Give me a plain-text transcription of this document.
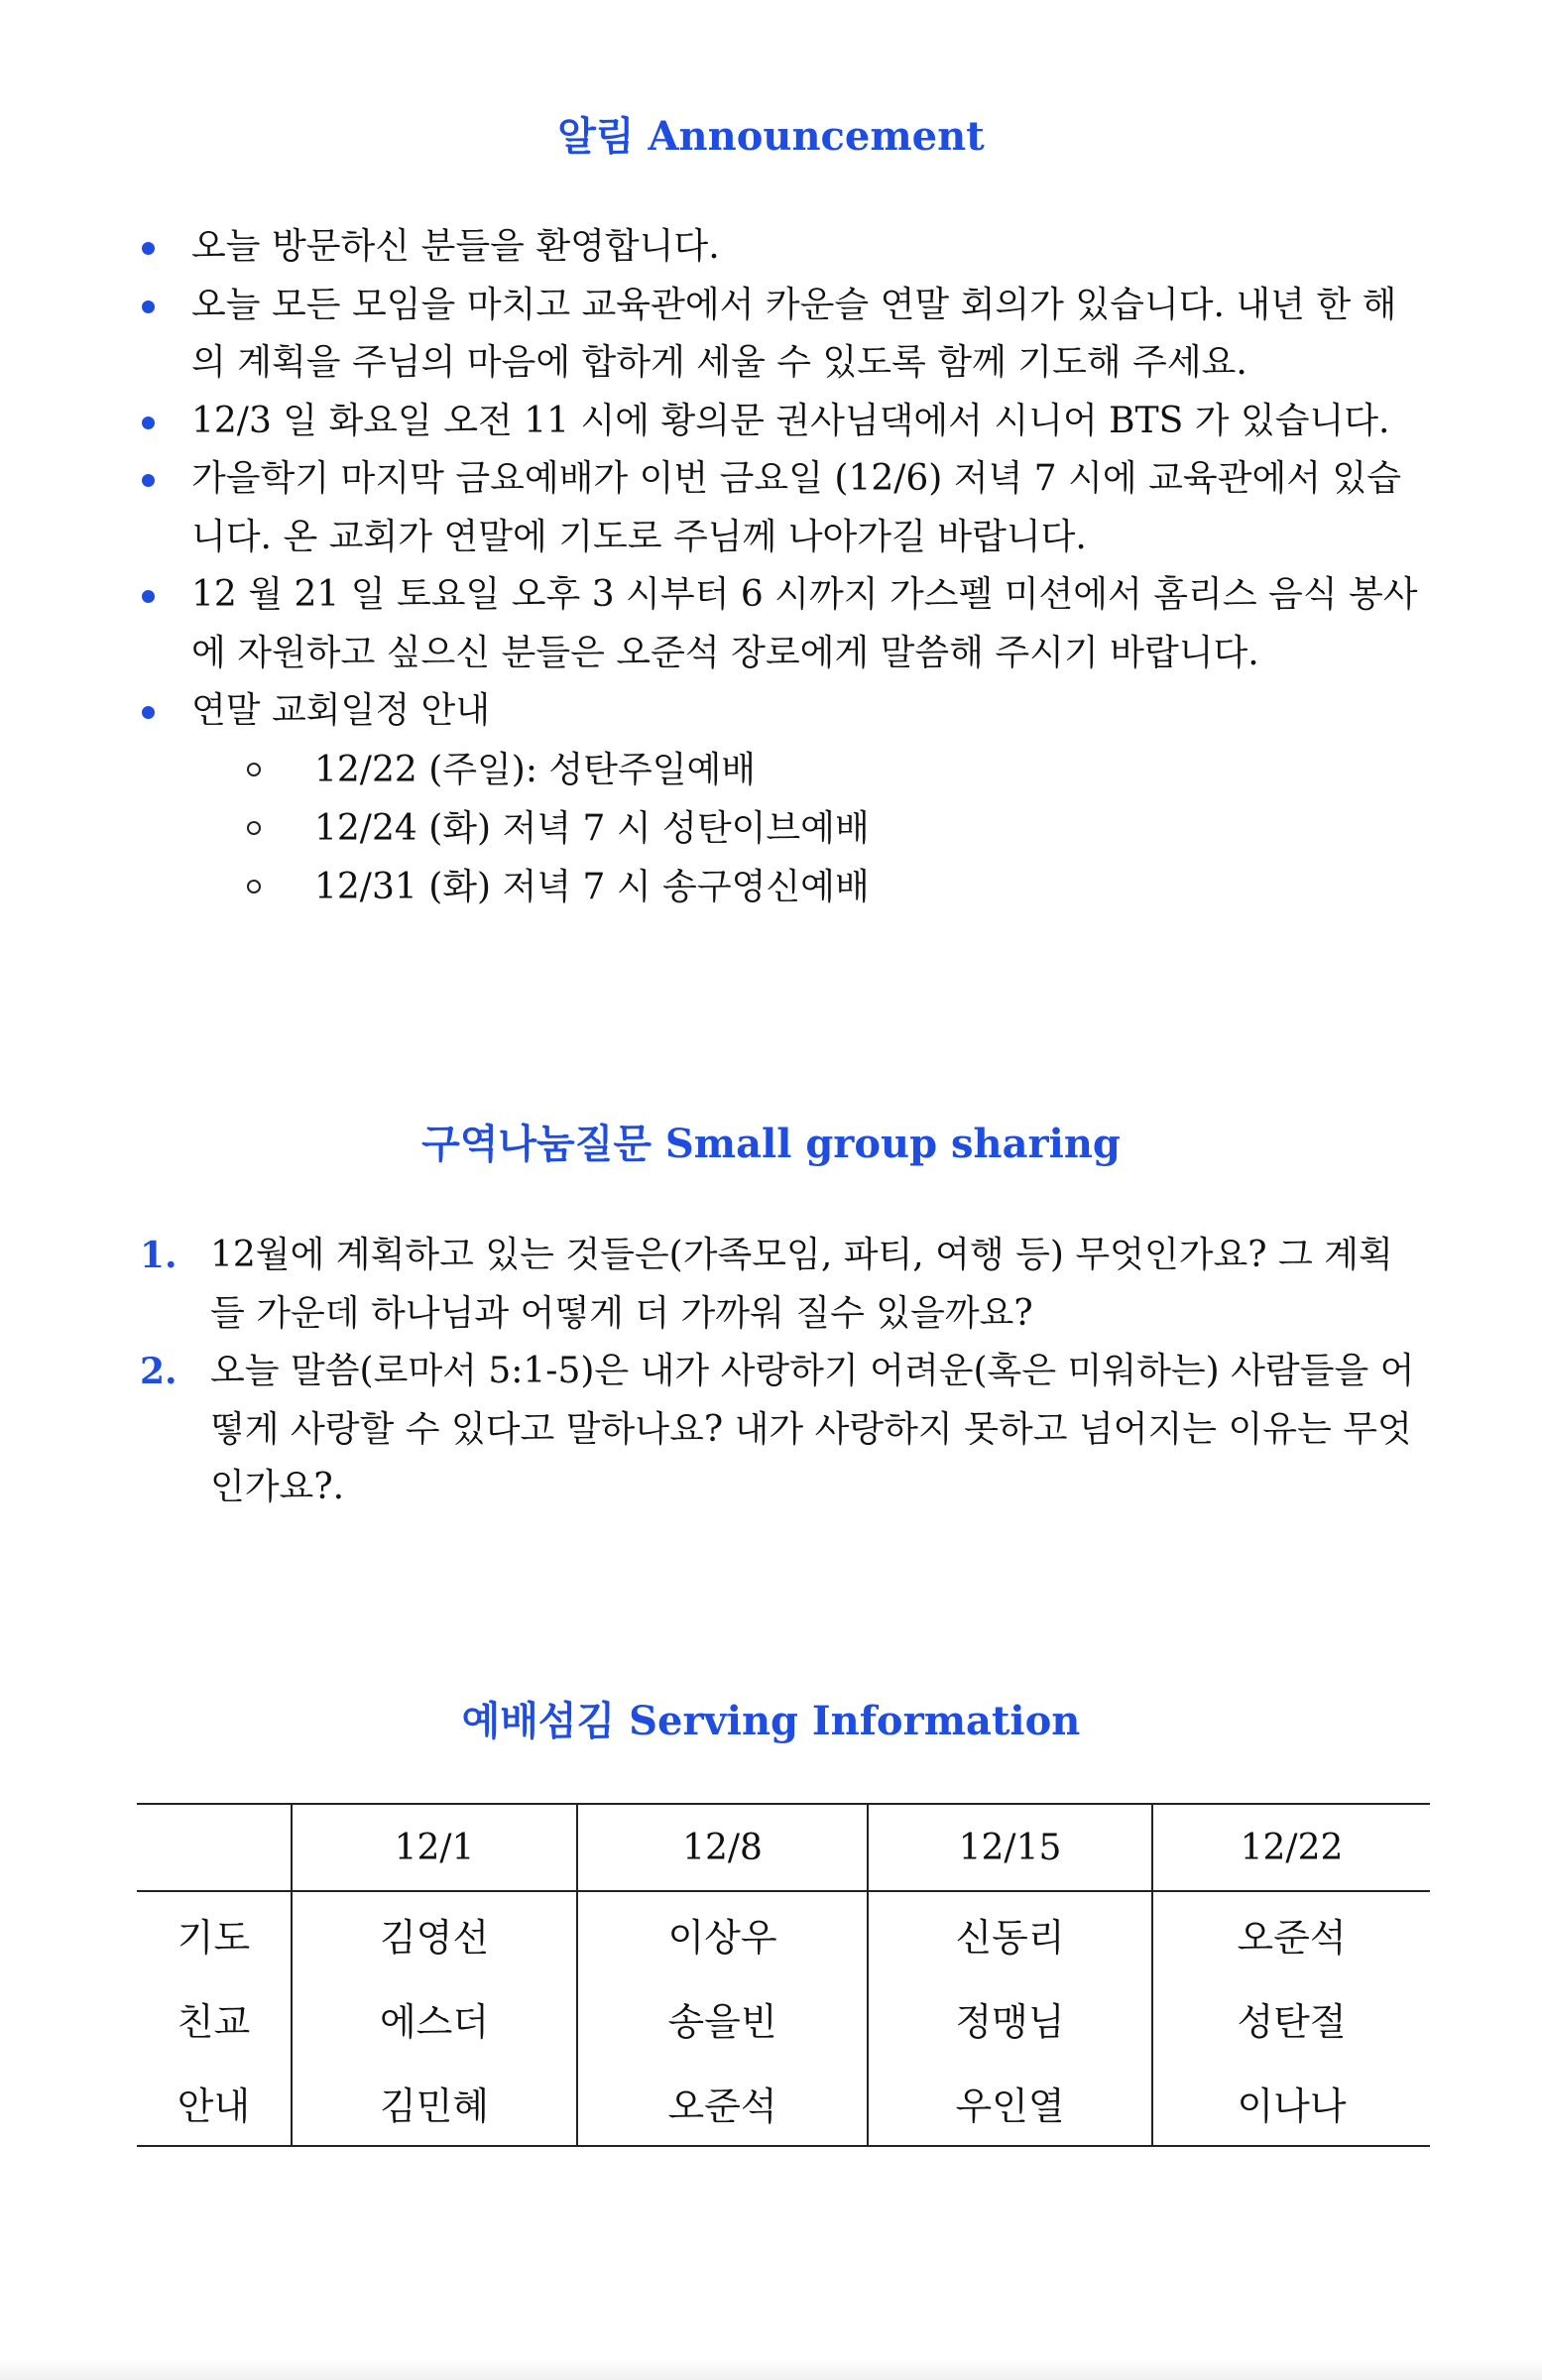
알림 Announcement
오늘 방문하신 분들을 환영합니다.
오늘 모든 모임을 마치고 교육관에서 카운슬 연말 회의가 있습니다. 내년 한 해의 계획을 주님의 마음에 합하게 세울 수 있도록 함께 기도해 주세요.
12/3 일 화요일 오전 11 시에 황의문 권사님댁에서 시니어 BTS 가 있습니다.
가을학기 마지막 금요예배가 이번 금요일 (12/6) 저녁 7 시에 교육관에서 있습니다. 온 교회가 연말에 기도로 주님께 나아가길 바랍니다.
12 월 21 일 토요일 오후 3 시부터 6 시까지 가스펠 미션에서 홈리스 음식 봉사에 자원하고 싶으신 분들은 오준석 장로에게 말씀해 주시기 바랍니다.
연말 교회일정 안내
12/22 (주일): 성탄주일예배
12/24 (화) 저녁 7 시 성탄이브예배
12/31 (화) 저녁 7 시 송구영신예배
구역나눔질문 Small group sharing
1. 12월에 계획하고 있는 것들은(가족모임, 파티, 여행 등) 무엇인가요? 그 계획들 가운데 하나님과 어떻게 더 가까워 질수 있을까요?
2. 오늘 말씀(로마서 5:1-5)은 내가 사랑하기 어려운(혹은 미워하는) 사람들을 어떻게 사랑할 수 있다고 말하나요? 내가 사랑하지 못하고 넘어지는 이유는 무엇인가요?.
예배섬김 Serving Information
	12/1	12/8	12/15	12/22
기도	김영선	이상우	신동리	오준석
친교	에스더	송을빈	정맹님	성탄절
안내	김민혜	오준석	우인열	이나나
